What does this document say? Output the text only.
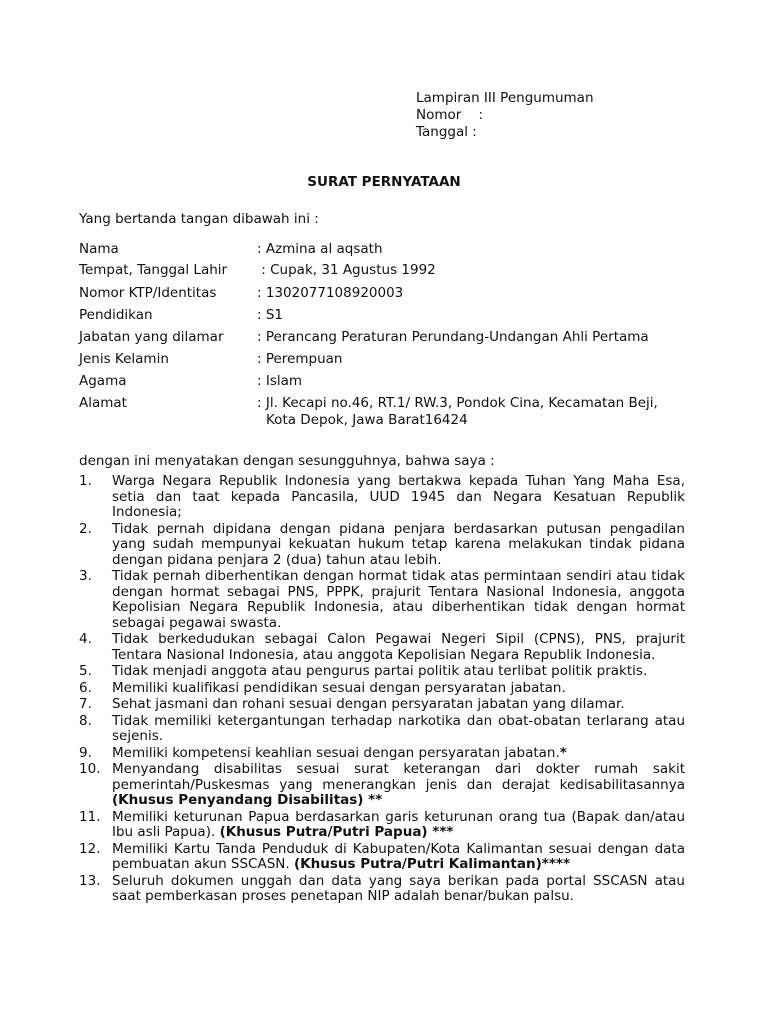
Lampiran III Pengumuman
Nomor    :
Tanggal :
SURAT PERNYATAAN
Yang bertanda tangan dibawah ini :
Nama	: Azmina al aqsath
Tempat, Tanggal Lahir : Cupak, 31 Agustus 1992
Nomor KTP/Identitas	: 1302077108920003
Pendidikan	: S1
Jabatan yang dilamar : Perancang Peraturan Perundang-Undangan Ahli Pertama
Jenis Kelamin	: Perempuan
Agama	: Islam
Alamat	: Jl. Kecapi no.46, RT.1/ RW.3, Pondok Cina, Kecamatan Beji,
Kota Depok, Jawa Barat16424
dengan ini menyatakan dengan sesungguhnya, bahwa saya :
1. Warga Negara Republik Indonesia yang bertakwa kepada Tuhan Yang Maha Esa, setia dan taat kepada Pancasila, UUD 1945 dan Negara Kesatuan Republik Indonesia;
2. Tidak pernah dipidana dengan pidana penjara berdasarkan putusan pengadilan yang sudah mempunyai kekuatan hukum tetap karena melakukan tindak pidana dengan pidana penjara 2 (dua) tahun atau lebih.
3. Tidak pernah diberhentikan dengan hormat tidak atas permintaan sendiri atau tidak dengan hormat sebagai PNS, PPPK, prajurit Tentara Nasional Indonesia, anggota Kepolisian Negara Republik Indonesia, atau diberhentikan tidak dengan hormat sebagai pegawai swasta.
4. Tidak berkedudukan sebagai Calon Pegawai Negeri Sipil (CPNS), PNS, prajurit Tentara Nasional Indonesia, atau anggota Kepolisian Negara Republik Indonesia.
5. Tidak menjadi anggota atau pengurus partai politik atau terlibat politik praktis.
6. Memiliki kualifikasi pendidikan sesuai dengan persyaratan jabatan.
7. Sehat jasmani dan rohani sesuai dengan persyaratan jabatan yang dilamar.
8. Tidak memiliki ketergantungan terhadap narkotika dan obat-obatan terlarang atau sejenis.
9. Memiliki kompetensi keahlian sesuai dengan persyaratan jabatan.*
10. Menyandang disabilitas sesuai surat keterangan dari dokter rumah sakit pemerintah/Puskesmas yang menerangkan jenis dan derajat kedisabilitasannya (Khusus Penyandang Disabilitas) **
11. Memiliki keturunan Papua berdasarkan garis keturunan orang tua (Bapak dan/atau Ibu asli Papua). (Khusus Putra/Putri Papua) ***
12. Memiliki Kartu Tanda Penduduk di Kabupaten/Kota Kalimantan sesuai dengan data pembuatan akun SSCASN. (Khusus Putra/Putri Kalimantan)****
13. Seluruh dokumen unggah dan data yang saya berikan pada portal SSCASN atau saat pemberkasan proses penetapan NIP adalah benar/bukan palsu.
